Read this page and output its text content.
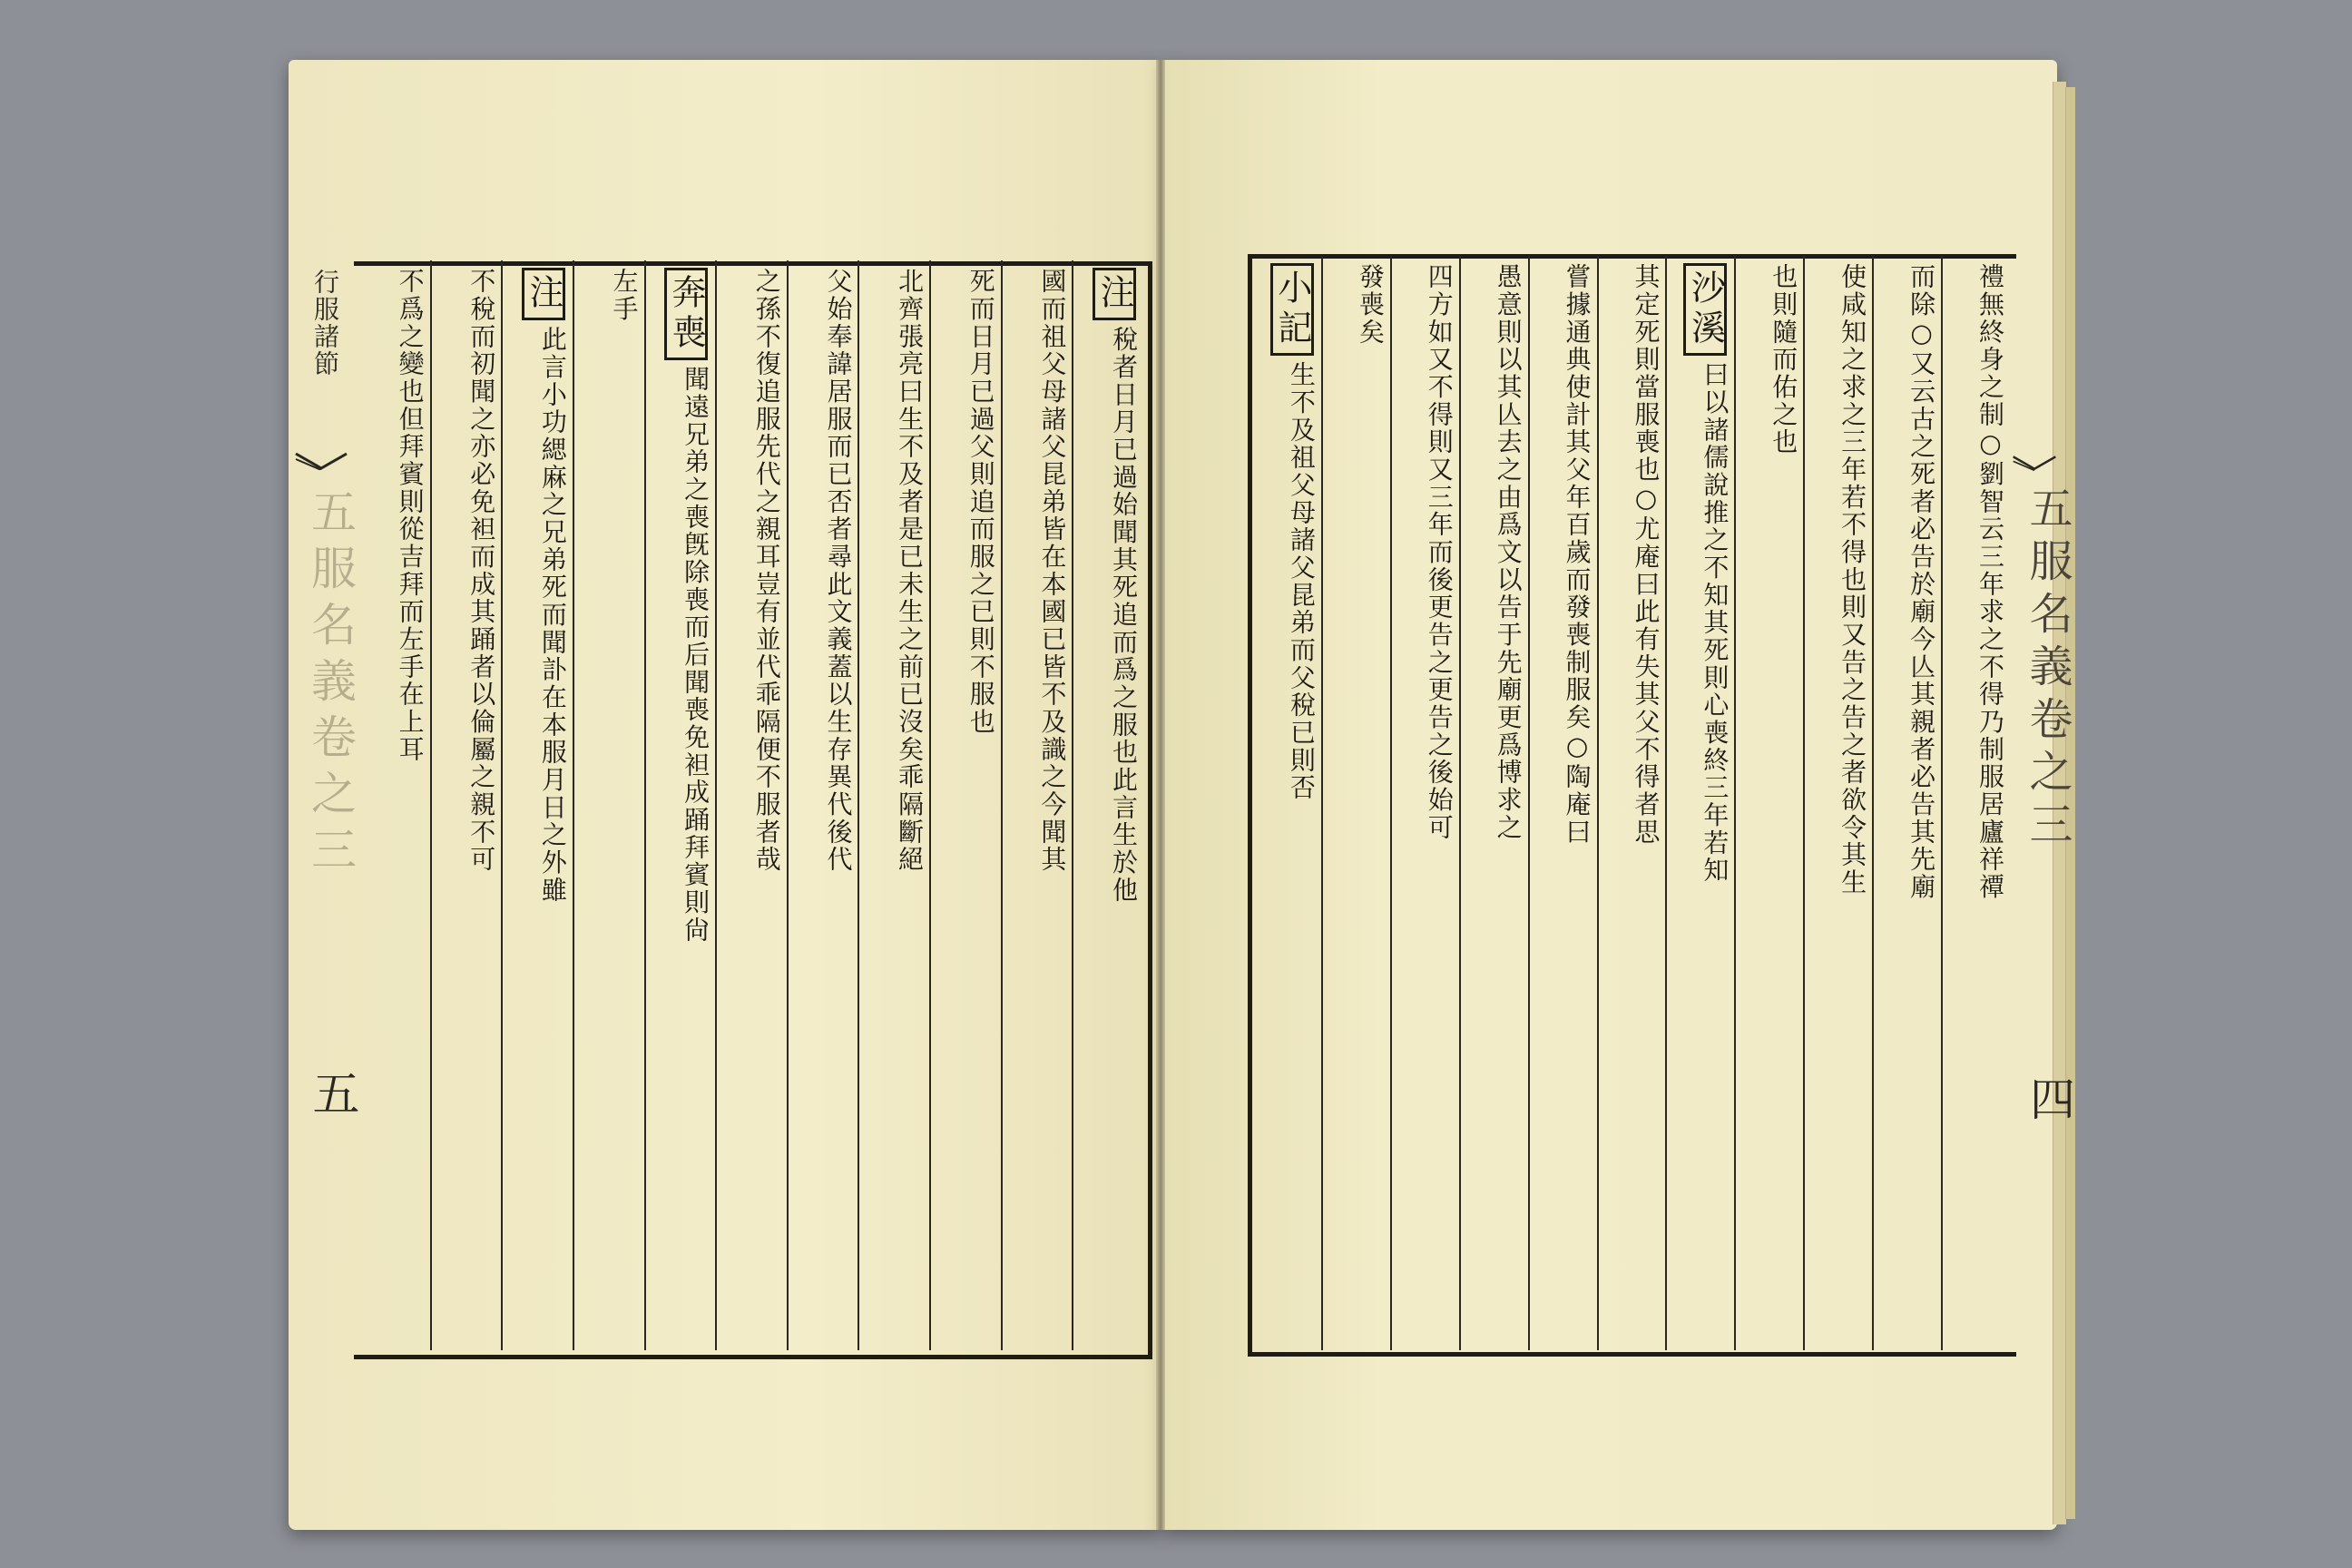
五服名義卷之三
五
行服諸節	注
稅者日月已過始聞其死追而爲之服也此言生於他
國而祖父母諸父昆弟皆在本國已皆不及識之今聞其
死而日月已過父則追而服之已則不服也
北齊張亮曰生不及者是已未生之前已沒矣乖隔斷絕
父始奉諱居服而已否者尋此文義蓋以生存異代後代
之孫不復追服先代之親耳豈有並代乖隔便不服者哉
奔喪
聞遠兄弟之喪旣除喪而后聞喪免袒成踊拜賓則尙
左手
注
此言小功緦麻之兄弟死而聞訃在本服月日之外雖
不稅而初聞之亦必免袒而成其踊者以倫屬之親不可
不爲之變也但拜賓則從吉拜而左手在上耳	五服名義卷之三
四
禮無終身之制○劉智云三年求之不得乃制服居廬祥禫
而除○又云古之死者必告於廟今亾其親者必告其先廟
使咸知之求之三年若不得也則又告之告之者欲令其生
也則隨而佑之也
沙溪
曰以諸儒說推之不知其死則心喪終三年若知
其定死則當服喪也○尤庵曰此有失其父不得者思
嘗據通典使計其父年百歲而發喪制服矣○陶庵曰
愚意則以其亾去之由爲文以告于先廟更爲博求之
四方如又不得則又三年而後更告之更告之後始可
發喪矣
小記
生不及祖父母諸父昆弟而父稅已則否
